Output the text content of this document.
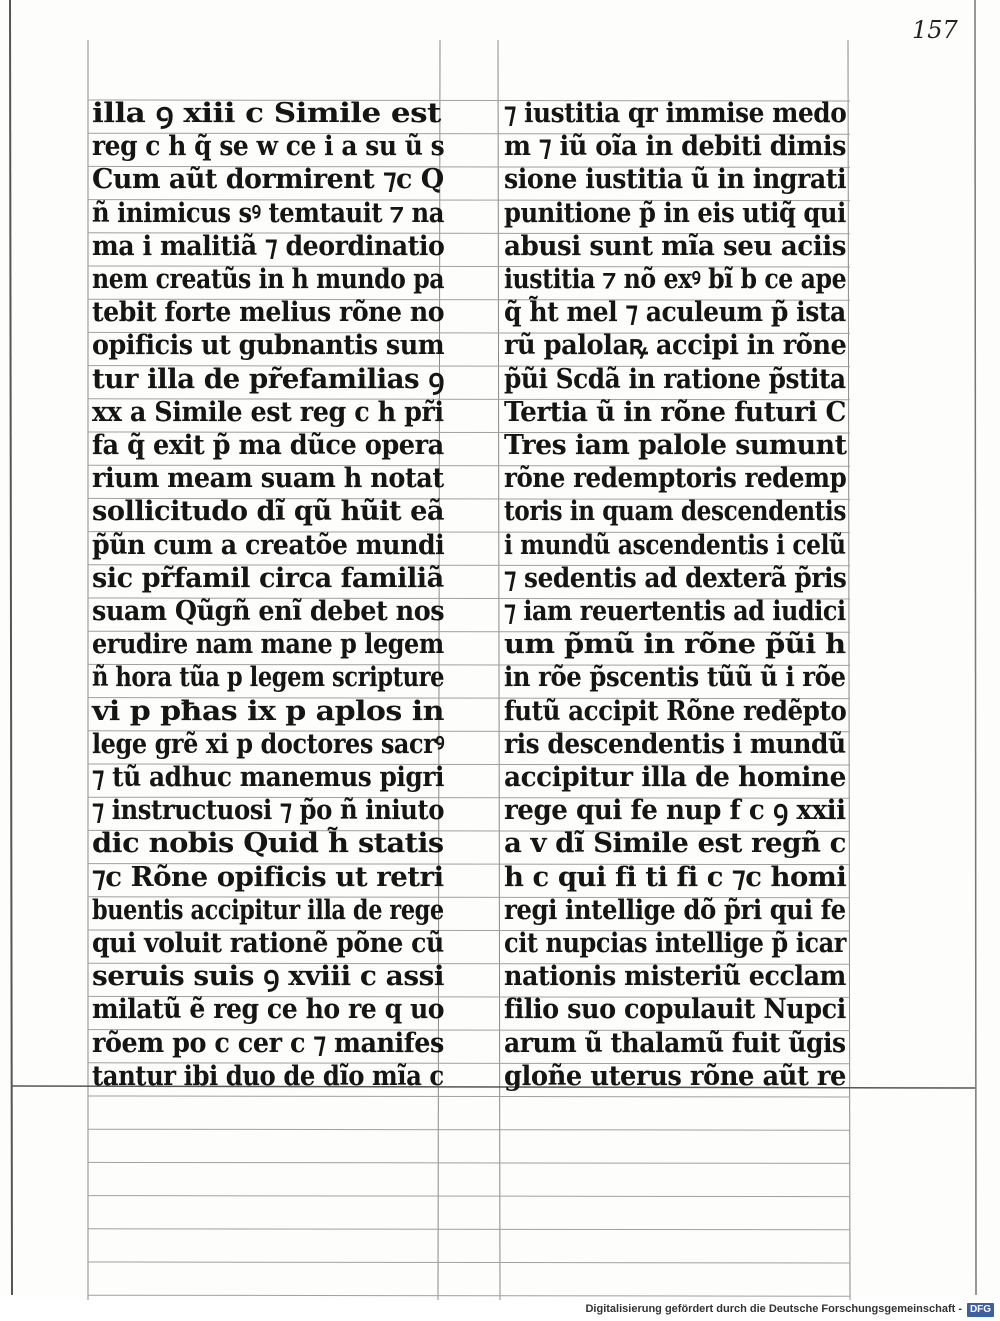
157
illa ꝯ xiii c Simile est
reg c h q̃ se w ce i a su ũ s
Cum aũt dormirent ⁊c Q
ñ inimicus sꝰ temtauit ⁊ na
ma i malitiã ⁊ deordinatio
nem creatũs in h mundo pa
tebit forte melius rõne no
opificis ut gubnantis sum
tur illa de pr̃efamilias ꝯ
xx a Simile est reg c h pr̃i
fa q̃ exit p̃ ma dũce opera
rium meam suam h notat
sollicitudo dĩ qũ hũit eã
p̃ũn cum a creatõe mundi
sic pr̃famil circa familiã
suam Qũgñ enĩ debet nos
erudire nam mane p legem
ñ hora tũa p legem scripture
vi p pħas ix p aplos in
lege grẽ xi p doctores sacrꝰ
⁊ tũ adhuc manemus pigri
⁊ instructuosi ⁊ p̃o ñ iniuto
dic nobis Quid h̃ statis
⁊c Rõne opificis ut retri
buentis accipitur illa de rege
qui voluit rationẽ põne cũ
seruis suis ꝯ xviii c assi
milatũ ẽ reg ce ho re q uo
rõem po c cer c ⁊ manifes
tantur ibi duo de dĩo mĩa c
⁊ iustitia qr immise medo
m ⁊ iũ oĩa in debiti dimis
sione iustitia ũ in ingrati
punitione p̃ in eis utiq̃ qui
abusi sunt mĩa seu aciis
iustitia ⁊ nõ exꝰ bĩ b ce ape
q̃ h̃t mel ⁊ aculeum p̃ ista
rũ palolaꝶ accipi in rõne
p̃ũi Scdã in ratione p̃stita
Tertia ũ in rõne futuri C
Tres iam palole sumunt
rõne redemptoris redemp
toris in quam descendentis
i mundũ ascendentis i celũ
⁊ sedentis ad dexterã p̃ris
⁊ iam reuertentis ad iudici
um p̃mũ in rõne p̃ũi h
in rõe p̃scentis tũũ ũ i rõe
futũ accipit Rõne redẽpto
ris descendentis i mundũ
accipitur illa de homine
rege qui fe nup f c ꝯ xxii
a v dĩ Simile est regñ c
h c qui fi ti fi c ⁊c homi
regi intellige dõ p̃ri qui fe
cit nupcias intellige p̃ icar
nationis misteriũ ecclam
filio suo copulauit Nupci
arum ũ thalamũ fuit ũgis
gloñe uterus rõne aũt re
Digitalisierung gefördert durch die Deutsche Forschungsgemeinschaft - DFG
